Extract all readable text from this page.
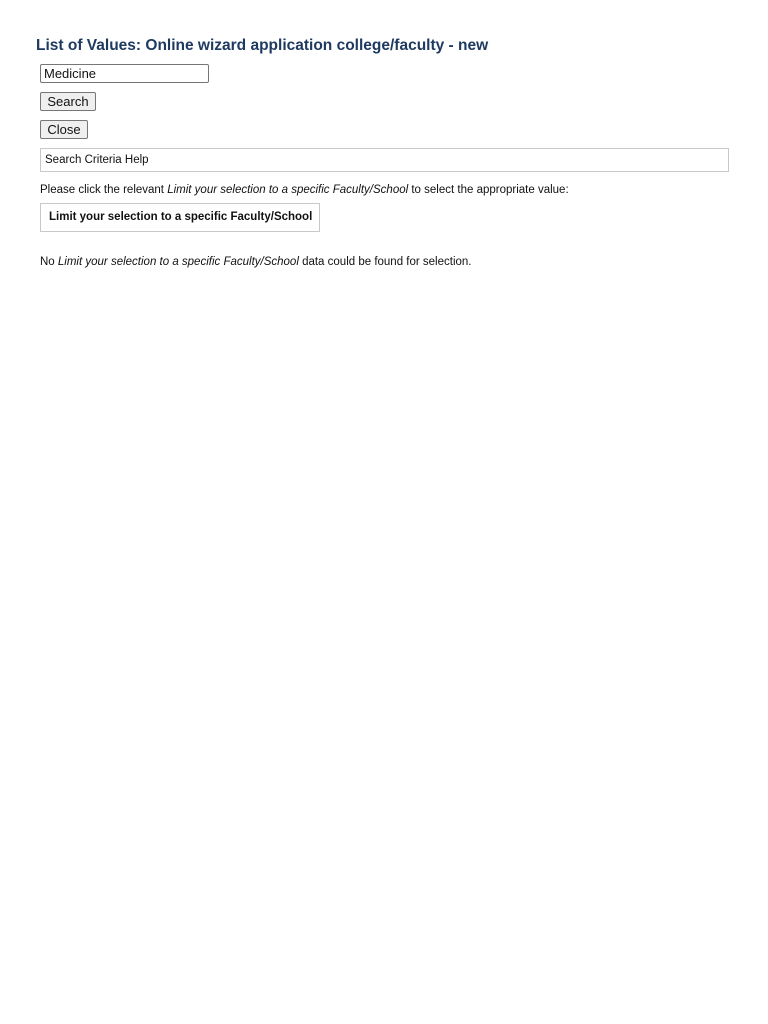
List of Values: Online wizard application college/faculty - new
Medicine
Search
Close
Search Criteria Help
Please click the relevant Limit your selection to a specific Faculty/School to select the appropriate value:
Limit your selection to a specific Faculty/School
No Limit your selection to a specific Faculty/School data could be found for selection.
